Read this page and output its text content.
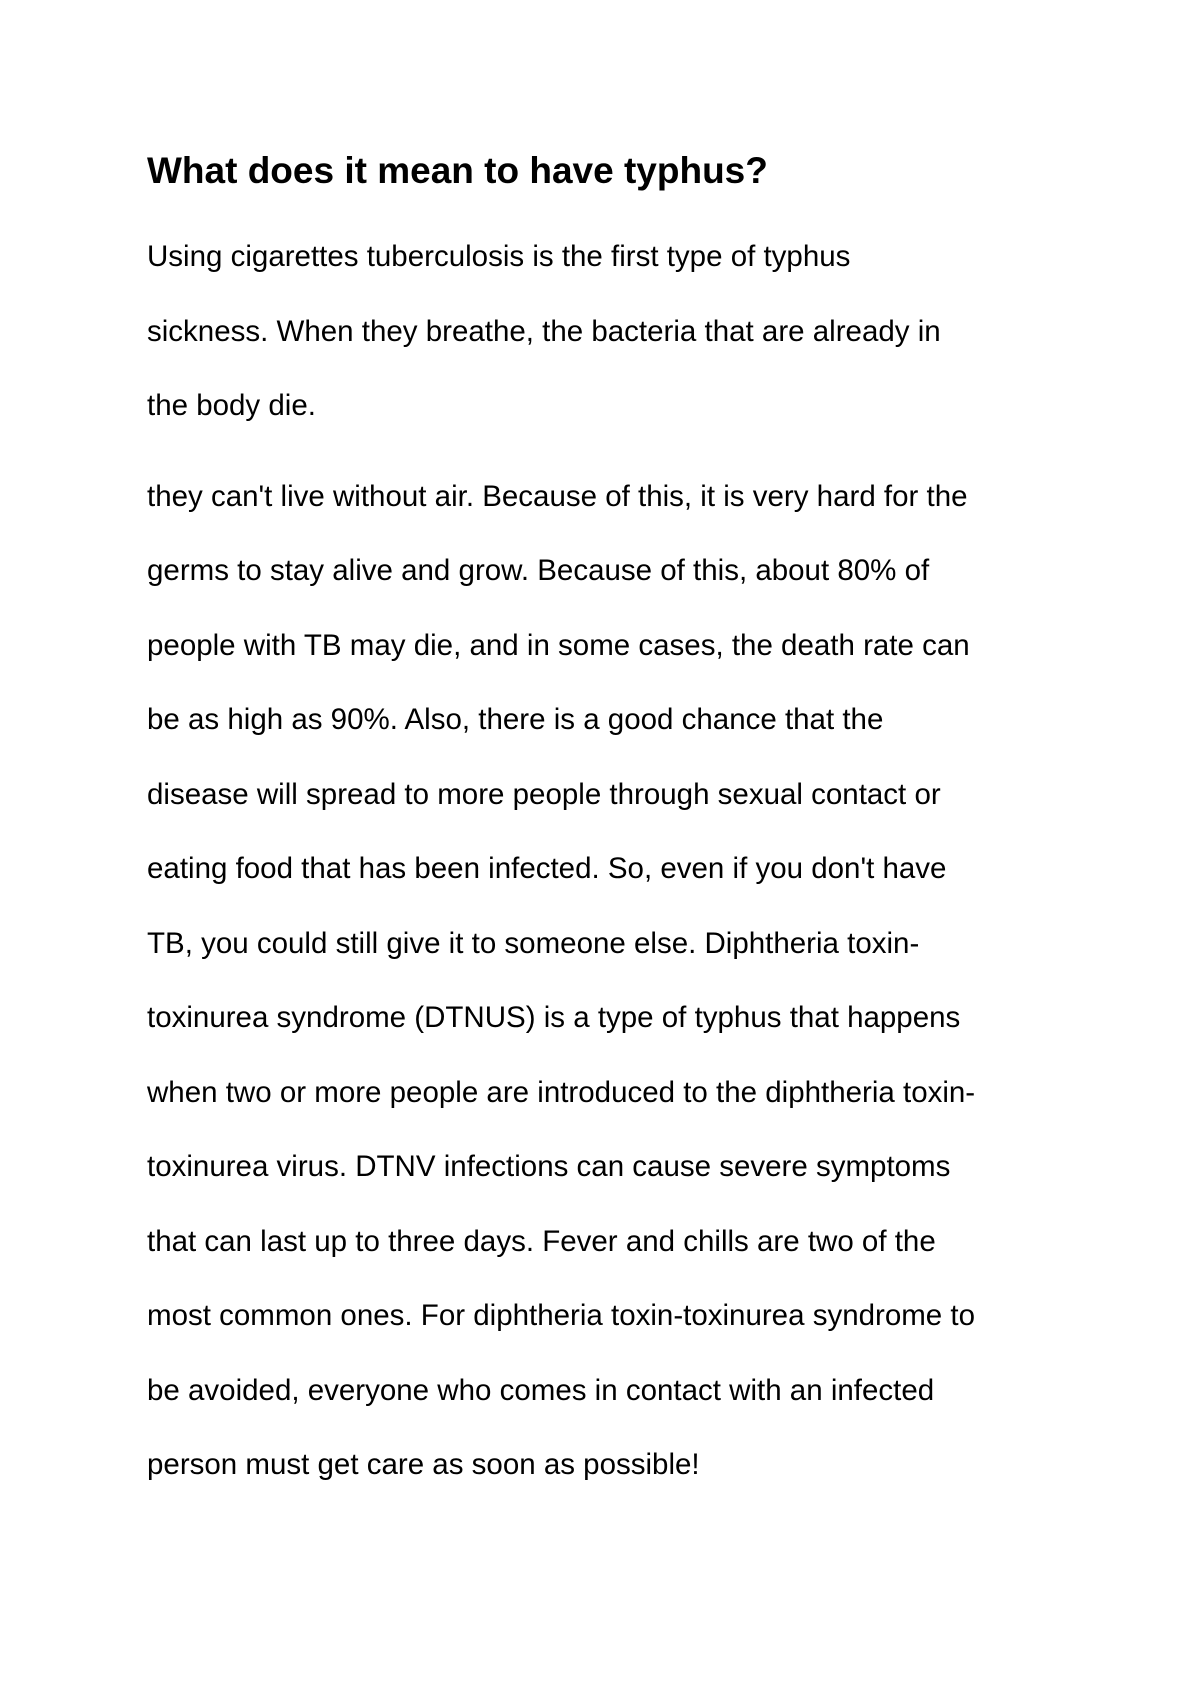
What does it mean to have typhus?
Using cigarettes tuberculosis is the first type of typhus
sickness. When they breathe, the bacteria that are already in
the body die.
they can't live without air. Because of this, it is very hard for the
germs to stay alive and grow. Because of this, about 80% of
people with TB may die, and in some cases, the death rate can
be as high as 90%. Also, there is a good chance that the
disease will spread to more people through sexual contact or
eating food that has been infected. So, even if you don't have
TB, you could still give it to someone else. Diphtheria toxin-
toxinurea syndrome (DTNUS) is a type of typhus that happens
when two or more people are introduced to the diphtheria toxin-
toxinurea virus. DTNV infections can cause severe symptoms
that can last up to three days. Fever and chills are two of the
most common ones. For diphtheria toxin-toxinurea syndrome to
be avoided, everyone who comes in contact with an infected
person must get care as soon as possible!
